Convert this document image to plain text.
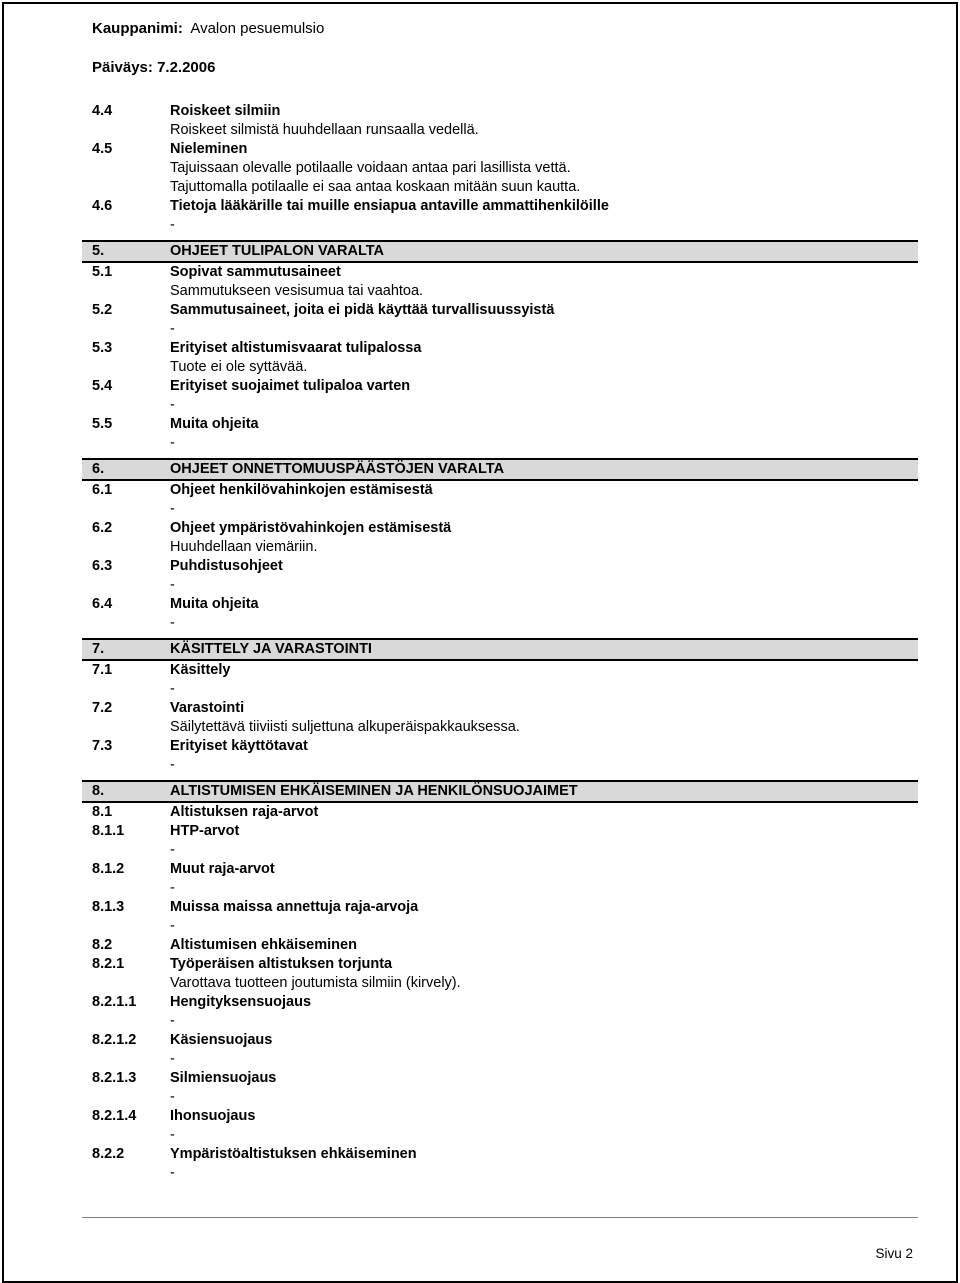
Kauppanimi: Avalon pesuemulsio
Päiväys: 7.2.2006
4.4	Roiskeet silmiin
Roiskeet silmistä huuhdellaan runsaalla vedellä.
4.5	Nieleminen
Tajuissaan olevalle potilaalle voidaan antaa pari lasillista vettä.
Tajuttomalla potilaalle ei saa antaa koskaan mitään suun kautta.
4.6	Tietoja lääkärille tai muille ensiapua antaville ammattihenkilöille
-
5.	OHJEET TULIPALON VARALTA
5.1	Sopivat sammutusaineet
Sammutukseen vesisumua tai vaahtoa.
5.2	Sammutusaineet, joita ei pidä käyttää turvallisuussyistä
-
5.3	Erityiset altistumisvaarat tulipalossa
Tuote ei ole syttävää.
5.4	Erityiset suojaimet tulipaloa varten
-
5.5	Muita ohjeita
-
6.	OHJEET ONNETTOMUUSPÄÄSTÖJEN VARALTA
6.1	Ohjeet henkilövahinkojen estämisestä
-
6.2	Ohjeet ympäristövahinkojen estämisestä
Huuhdellaan viemäriin.
6.3	Puhdistusohjeet
-
6.4	Muita ohjeita
-
7.	KÄSITTELY JA VARASTOINTI
7.1	Käsittely
-
7.2	Varastointi
Säilytettävä tiiviisti suljettuna alkuperäispakkauksessa.
7.3	Erityiset käyttötavat
-
8.	ALTISTUMISEN EHKÄISEMINEN JA HENKILÖNSUOJAIMET
8.1	Altistuksen raja-arvot
8.1.1	HTP-arvot
-
8.1.2	Muut raja-arvot
-
8.1.3	Muissa maissa annettuja raja-arvoja
-
8.2	Altistumisen ehkäiseminen
8.2.1	Työperäisen altistuksen torjunta
Varottava tuotteen joutumista silmiin (kirvely).
8.2.1.1 Hengityksensuojaus
-
8.2.1.2 Käsiensuojaus
-
8.2.1.3 Silmiensuojaus
-
8.2.1.4 Ihonsuojaus
-
8.2.2	Ympäristöaltistuksen ehkäiseminen
-
Sivu 2
